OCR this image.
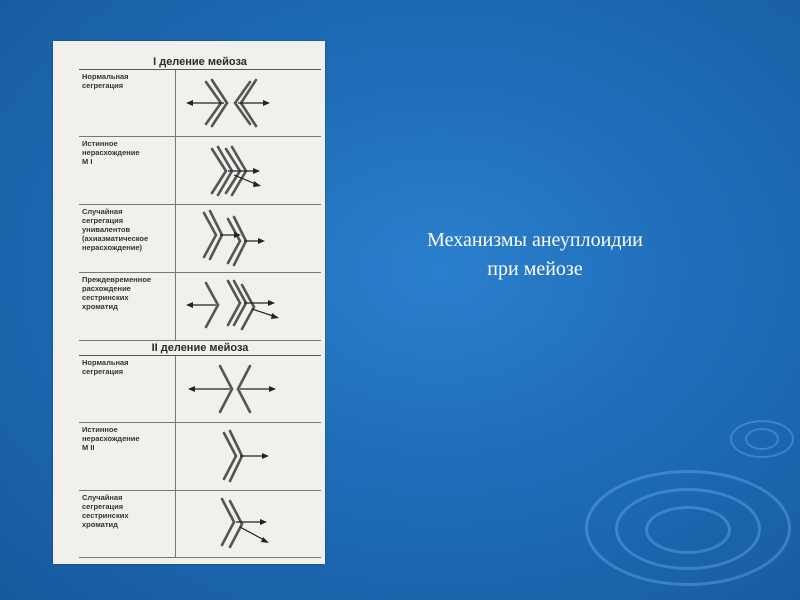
I деление мейоза
Нормальная
сегрегация
Истинное
нерасхождение
М I
Случайная
сегрегация
унивалентов
(ахиазматическое
нерасхождение)
Преждевременное
расхождение
сестринских
хроматид
II деление мейоза
Нормальная
сегрегация
Истинное
нерасхождение
М II
Случайная
сегрегация
сестринских
хроматид
Механизмы анеуплоидии
при мейозе
